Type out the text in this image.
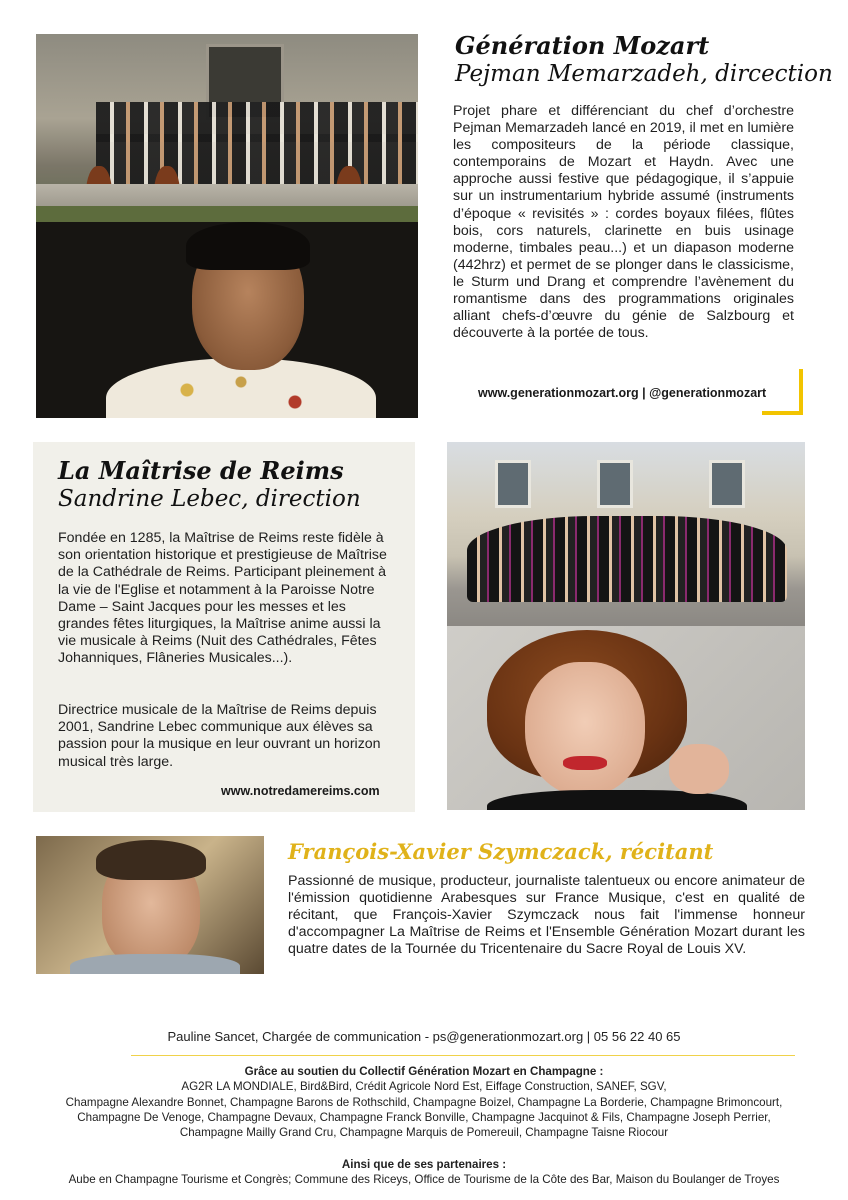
Génération Mozart
Pejman Memarzadeh, dircection
Projet phare et différenciant du chef d’orchestre Pejman Memarzadeh lancé en 2019, il met en lumière les compositeurs de la période classique, contemporains de Mozart et Haydn. Avec une approche aussi festive que pédagogique, il s’appuie sur un instrumentarium hybride assumé (instruments d’époque « revisités » : cordes boyaux filées, flûtes bois, cors naturels, clarinette en buis usinage moderne, timbales peau...) et un diapason moderne (442hrz) et permet de se plonger dans le classicisme, le Sturm und Drang et comprendre l’avènement du romantisme dans des programmations originales alliant chefs-d’œuvre du génie de Salzbourg et découverte à la portée de tous.
www.generationmozart.org | @generationmozart
La Maîtrise de Reims
Sandrine Lebec, direction
Fondée en 1285, la Maîtrise de Reims reste fidèle à son orientation historique et prestigieuse de Maîtrise de la Cathédrale de Reims. Participant pleinement à la vie de l'Eglise et notamment à la Paroisse Notre Dame – Saint Jacques pour les messes et les grandes fêtes liturgiques, la Maîtrise anime aussi la vie musicale à Reims (Nuit des Cathédrales, Fêtes Johanniques, Flâneries Musicales...).
Directrice musicale de la Maîtrise de Reims depuis 2001, Sandrine Lebec communique aux élèves sa passion pour la musique en leur ouvrant un horizon musical très large.
www.notredamereims.com
François-Xavier Szymczack, récitant
Passionné de musique, producteur, journaliste talentueux ou encore animateur de l'émission quotidienne Arabesques sur France Musique, c'est en qualité de récitant, que François-Xavier Szymczack nous fait l'immense honneur d'accompagner La Maîtrise de Reims et l'Ensemble Génération Mozart durant les quatre dates de la Tournée du Tricentenaire du Sacre Royal de Louis XV.
Pauline Sancet, Chargée de communication - ps@generationmozart.org | 05 56 22 40 65
Grâce au soutien du Collectif Génération Mozart en Champagne :
AG2R LA MONDIALE, Bird&Bird, Crédit Agricole Nord Est, Eiffage Construction, SANEF, SGV,
Champagne Alexandre Bonnet, Champagne Barons de Rothschild, Champagne Boizel, Champagne La Borderie, Champagne Brimoncourt,
Champagne De Venoge, Champagne Devaux, Champagne Franck Bonville, Champagne Jacquinot & Fils, Champagne Joseph Perrier,
Champagne Mailly Grand Cru, Champagne Marquis de Pomereuil, Champagne Taisne Riocour
Ainsi que de ses partenaires :
Aube en Champagne Tourisme et Congrès; Commune des Riceys, Office de Tourisme de la Côte des Bar, Maison du Boulanger de Troyes
